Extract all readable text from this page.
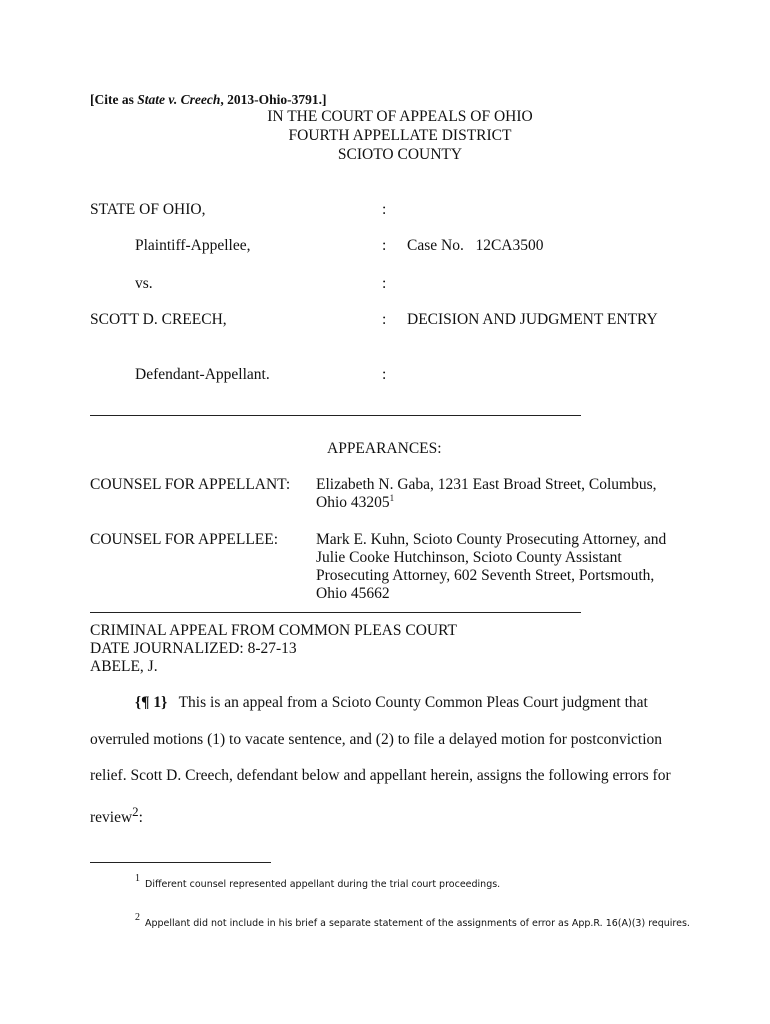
[Cite as State v. Creech, 2013-Ohio-3791.]
IN THE COURT OF APPEALS OF OHIO
FOURTH APPELLATE DISTRICT
SCIOTO COUNTY
STATE OF OHIO,	:
Plaintiff-Appellee,	: Case No. 12CA3500
vs.	:
SCOTT D. CREECH,	: DECISION AND JUDGMENT ENTRY
Defendant-Appellant.	:
APPEARANCES:
COUNSEL FOR APPELLANT: Elizabeth N. Gaba, 1231 East Broad Street, Columbus,
Ohio 43205$^1$
COUNSEL FOR APPELLEE: Mark E. Kuhn, Scioto County Prosecuting Attorney, and
Julie Cooke Hutchinson, Scioto County Assistant
Prosecuting Attorney, 602 Seventh Street, Portsmouth,
Ohio 45662
CRIMINAL APPEAL FROM COMMON PLEAS COURT
DATE JOURNALIZED: 8-27-13
ABELE, J.
{¶ 1} This is an appeal from a Scioto County Common Pleas Court judgment that
overruled motions (1) to vacate sentence, and (2) to file a delayed motion for postconviction
relief. Scott D. Creech, defendant below and appellant herein, assigns the following errors for
review$^2$:
$^1$Different counsel represented appellant during the trial court proceedings.
$^2$Appellant did not include in his brief a separate statement of the assignments of error as App.R. 16(A)(3) requires.
